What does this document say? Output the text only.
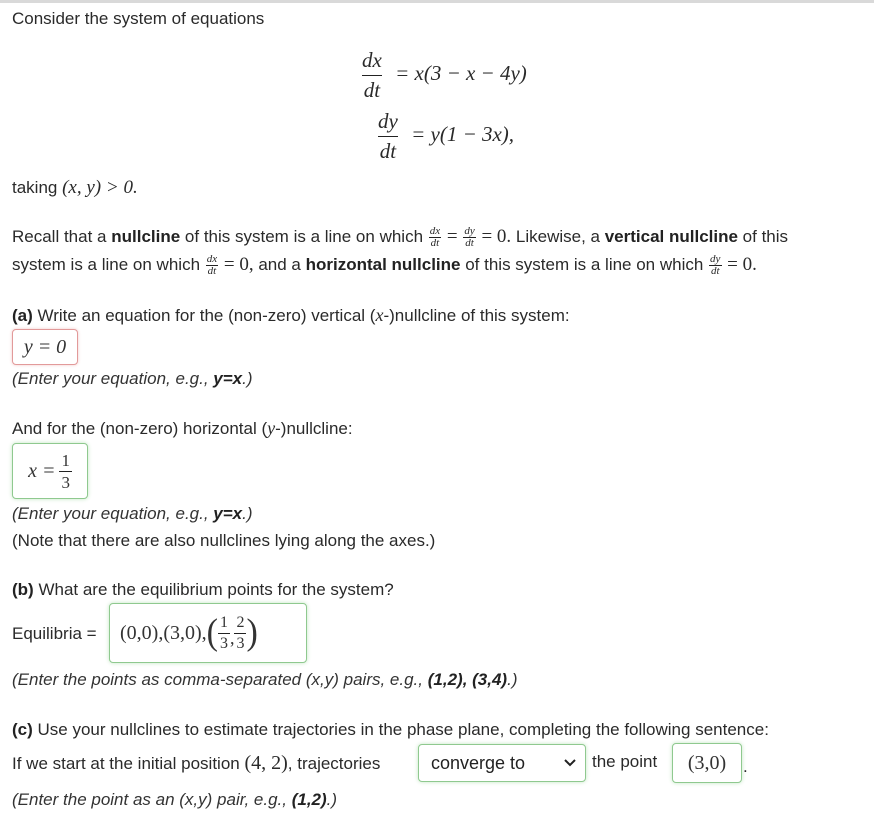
Consider the system of equations
$\frac{dx}{dt} = x(3 - x - 4y)$
$\frac{dy}{dt} = y(1 - 3x)$,
taking (x, y) > 0.
Recall that a nullcline of this system is a line on which $\frac{dx}{dt} = \frac{dy}{dt} = 0$. Likewise, a vertical nullcline of this
system is a line on which $\frac{dx}{dt} = 0$, and a horizontal nullcline of this system is a line on which $\frac{dy}{dt} = 0$.
(a) Write an equation for the (non-zero) vertical (x-)nullcline of this system:
y = 0
(Enter your equation, e.g., y=x.)
And for the (non-zero) horizontal (y-)nullcline:
$x = \frac{1}{3}$
(Enter your equation, e.g., y=x.)
(Note that there are also nullclines lying along the axes.)
(b) What are the equilibrium points for the system?
Equilibria = (0,0),(3,0), ( $\frac{1}{3}$ , $\frac{2}{3}$ )
(Enter the points as comma-separated (x,y) pairs, e.g., (1,2), (3,4).)
(c) Use your nullclines to estimate trajectories in the phase plane, completing the following sentence:
If we start at the initial position (4, 2), trajectories	converge to	the point (3,0) .
(Enter the point as an (x,y) pair, e.g., (1,2).)
